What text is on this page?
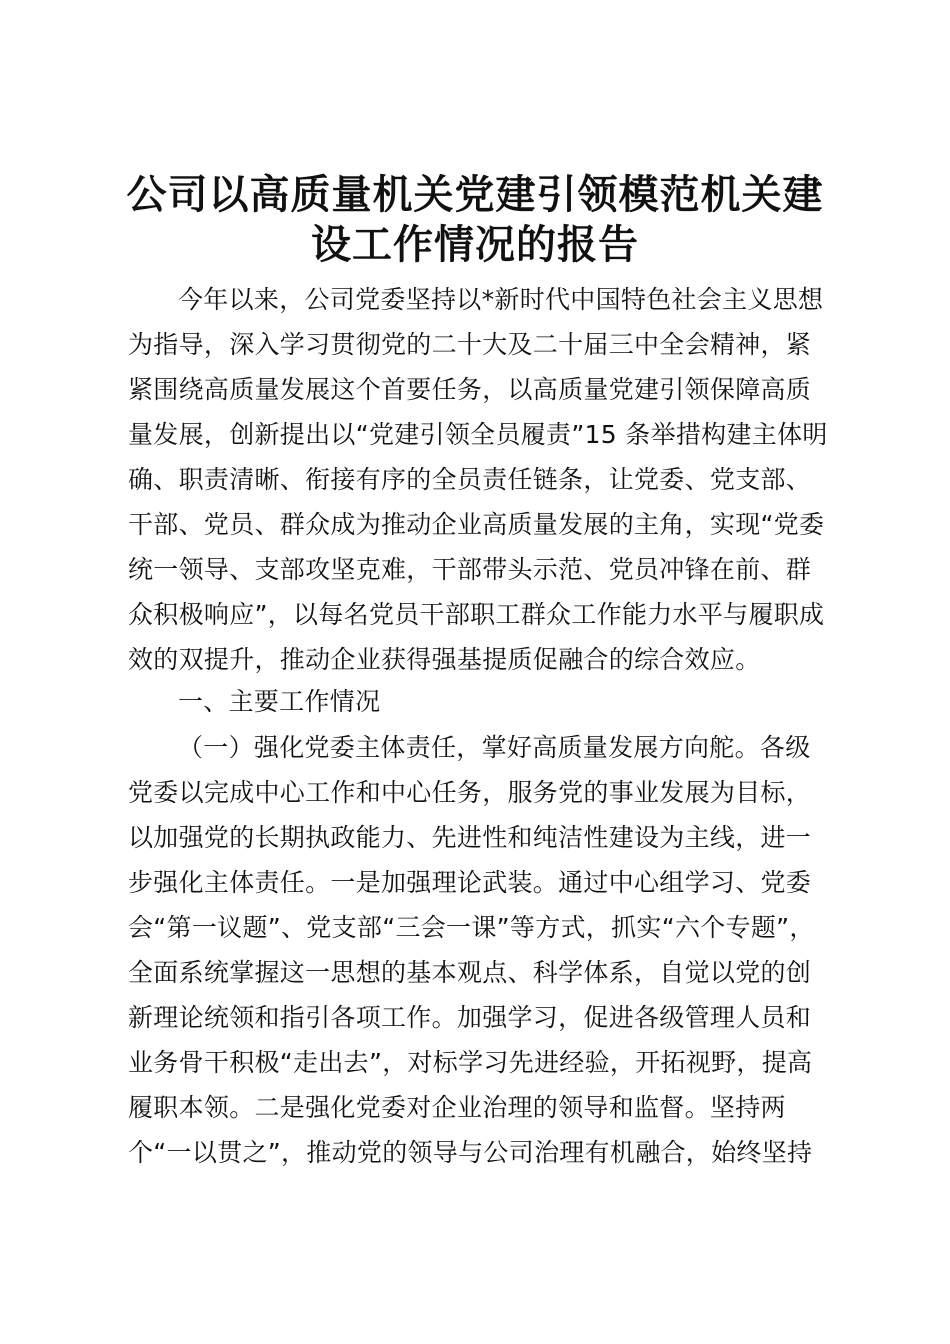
公司以高质量机关党建引领模范机关建
设工作情况的报告
今年以来，公司党委坚持以*新时代中国特色社会主义思想
为指导，深入学习贯彻党的二十大及二十届三中全会精神，紧
紧围绕高质量发展这个首要任务，以高质量党建引领保障高质
量发展，创新提出以“党建引领全员履责”15 条举措构建主体明
确、职责清晰、衔接有序的全员责任链条，让党委、党支部、
干部、党员、群众成为推动企业高质量发展的主角，实现“党委
统一领导、支部攻坚克难，干部带头示范、党员冲锋在前、群
众积极响应”，以每名党员干部职工群众工作能力水平与履职成
效的双提升，推动企业获得强基提质促融合的综合效应。
一、主要工作情况
（一）强化党委主体责任，掌好高质量发展方向舵。各级
党委以完成中心工作和中心任务，服务党的事业发展为目标，
以加强党的长期执政能力、先进性和纯洁性建设为主线，进一
步强化主体责任。一是加强理论武装。通过中心组学习、党委
会“第一议题”、党支部“三会一课”等方式，抓实“六个专题”，
全面系统掌握这一思想的基本观点、科学体系，自觉以党的创
新理论统领和指引各项工作。加强学习，促进各级管理人员和
业务骨干积极“走出去”，对标学习先进经验，开拓视野，提高
履职本领。二是强化党委对企业治理的领导和监督。坚持两
个“一以贯之”，推动党的领导与公司治理有机融合，始终坚持
